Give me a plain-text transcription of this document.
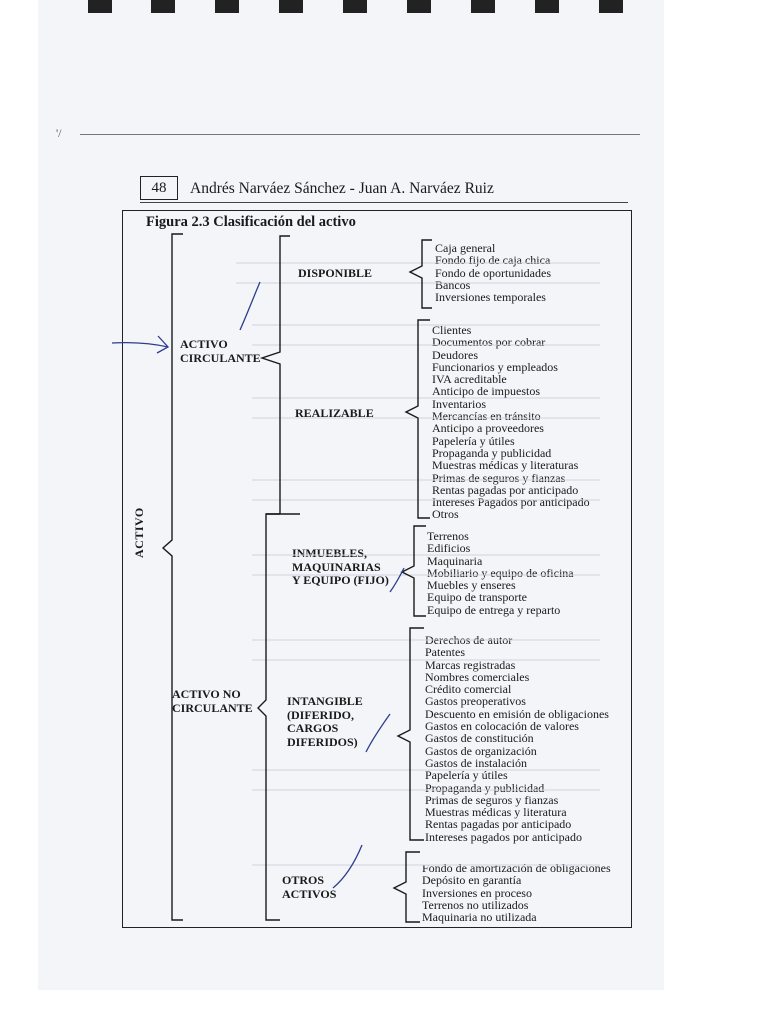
48	Andrés Narváez Sánchez - Juan A. Narváez Ruiz
Figura 2.3 Clasificación del activo
ACTIVO
ACTIVO
CIRCULANTE
ACTIVO NO
CIRCULANTE
DISPONIBLE
REALIZABLE
INMUEBLES,
MAQUINARIAS
Y EQUIPO (FIJO)
INTANGIBLE
(DIFERIDO,
CARGOS
DIFERIDOS)
OTROS
ACTIVOS
Caja general
Fondo fijo de caja chica
Fondo de oportunidades
Bancos
Inversiones temporales
Clientes
Documentos por cobrar
Deudores
Funcionarios y empleados
IVA acreditable
Anticipo de impuestos
Inventarios
Mercancías en tránsito
Anticipo a proveedores
Papelería y útiles
Propaganda y publicidad
Muestras médicas y literaturas
Primas de seguros y fianzas
Rentas pagadas por anticipado
Intereses Pagados por anticipado
Otros
Terrenos
Edificios
Maquinaria
Mobiliario y equipo de oficina
Muebles y enseres
Equipo de transporte
Equipo de entrega y reparto
Derechos de autor
Patentes
Marcas registradas
Nombres comerciales
Crédito comercial
Gastos preoperativos
Descuento en emisión de obligaciones
Gastos en colocación de valores
Gastos de constitución
Gastos de organización
Gastos de instalación
Papelería y útiles
Propaganda y publicidad
Primas de seguros y fianzas
Muestras médicas y literatura
Rentas pagadas por anticipado
Intereses pagados por anticipado
Fondo de amortización de obligaciones
Depósito en garantía
Inversiones en proceso
Terrenos no utilizados
Maquinaria no utilizada
'/
